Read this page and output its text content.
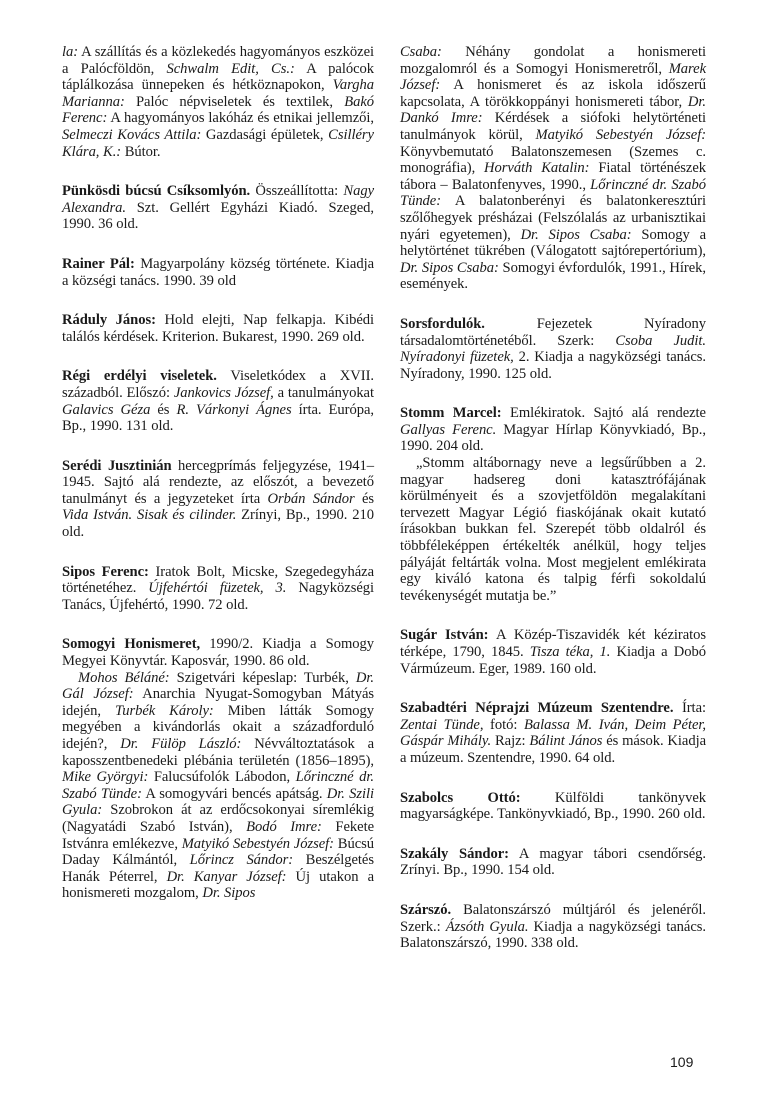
la: A szállítás és a közlekedés hagyományos eszközei a Palócföldön, Schwalm Edit, Cs.: A palócok táplálkozása ünnepeken és hétköznapokon, Vargha Marianna: Palóc népviseletek és textilek, Bakó Ferenc: A hagyományos lakóház és etnikai jellemzői, Selmeczi Kovács Attila: Gazdasági épületek, Csilléry Klára, K.: Bútor.

Pünkösdi búcsú Csíksomlyón. Összeállította: Nagy Alexandra. Szt. Gellért Egyházi Kiadó. Szeged, 1990. 36 old.

Rainer Pál: Magyarpolány község története. Kiadja a községi tanács. 1990. 39 old

Ráduly János: Hold elejti, Nap felkapja. Kibédi találós kérdések. Kriterion. Bukarest, 1990. 269 old.

Régi erdélyi viseletek. Viseletkódex a XVII. századból. Előszó: Jankovics József, a tanulmányokat Galavics Géza és R. Várkonyi Ágnes írta. Európa, Bp., 1990. 131 old.

Serédi Jusztinián hercegprímás feljegyzése, 1941–1945. Sajtó alá rendezte, az előszót, a bevezető tanulmányt és a jegyzeteket írta Orbán Sándor és Vida István. Sisak és cilinder. Zrínyi, Bp., 1990. 210 old.

Sipos Ferenc: Iratok Bolt, Micske, Szegedegyháza történetéhez. Újfehértói füzetek, 3. Nagyközségi Tanács, Újfehértó, 1990. 72 old.

Somogyi Honismeret, 1990/2. Kiadja a Somogy Megyei Könyvtár. Kaposvár, 1990. 86 old.
Mohos Béláné: Szigetvári képeslap: Turbék, Dr. Gál József: Anarchia Nyugat-Somogyban Mátyás idején, Turbék Károly: Miben látták Somogy megyében a kivándorlás okait a századforduló idején?, Dr. Fülöp László: Névváltoztatások a kaposszentbenedeki plébánia területén (1856–1895), Mike Györgyi: Falucsúfolók Lábodon, Lőrinczné dr. Szabó Tünde: A somogyvári bencés apátság. Dr. Szili Gyula: Szobrokon át az erdőcsokonyai síremlékig (Nagyatádi Szabó István), Bodó Imre: Fekete Istvánra emlékezve, Matyikó Sebestyén József: Búcsú Daday Kálmántól, Lőrincz Sándor: Beszélgetés Hanák Péterrel, Dr. Kanyar József: Új utakon a honismereti mozgalom, Dr. Sipos

Csaba: Néhány gondolat a honismereti mozgalomról és a Somogyi Honismeretről, Marek József: A honismeret és az iskola időszerű kapcsolata, A törökkoppányi honismereti tábor, Dr. Dankó Imre: Kérdések a siófoki helytörténeti tanulmányok körül, Matyikó Sebestyén József: Könyvbemutató Balatonszemesen (Szemes c. monográfia), Horváth Katalin: Fiatal történészek tábora – Balatonfenyves, 1990., Lőrinczné dr. Szabó Tünde: A balatonberényi és balatonkeresztúri szőlőhegyek présházai (Felszólalás az urbanisztikai nyári egyetemen), Dr. Sipos Csaba: Somogy a helytörténet tükrében (Válogatott sajtórepertórium), Dr. Sipos Csaba: Somogyi évfordulók, 1991., Hírek, események.

Sorsfordulók. Fejezetek Nyíradony társadalomtörténetéből. Szerk: Csoba Judit. Nyíradonyi füzetek, 2. Kiadja a nagyközségi tanács. Nyíradony, 1990. 125 old.

Stomm Marcel: Emlékiratok. Sajtó alá rendezte Gallyas Ferenc. Magyar Hírlap Könyvkiadó, Bp., 1990. 204 old.
„Stomm altábornagy neve a legsűrűbben a 2. magyar hadsereg doni katasztrófájának körülményeit és a szovjetföldön megalakítani tervezett Magyar Légió fiaskójának okait kutató írásokban bukkan fel. Szerepét több oldalról és többféleképpen értékelték anélkül, hogy teljes pályáját feltárták volna. Most megjelent emlékirata egy kiváló katona és talpig férfi sokoldalú tevékenységét mutatja be.”

Sugár István: A Közép-Tiszavidék két kéziratos térképe, 1790, 1845. Tisza téka, 1. Kiadja a Dobó Vármúzeum. Eger, 1989. 160 old.

Szabadtéri Néprajzi Múzeum Szentendre. Írta: Zentai Tünde, fotó: Balassa M. Iván, Deim Péter, Gáspár Mihály. Rajz: Bálint János és mások. Kiadja a múzeum. Szentendre, 1990. 64 old.

Szabolcs Ottó: Külföldi tankönyvek magyarságképe. Tankönyvkiadó, Bp., 1990. 260 old.

Szakály Sándor: A magyar tábori csendőrség. Zrínyi. Bp., 1990. 154 old.

Szárszó. Balatonszárszó múltjáról és jelenéről. Szerk.: Ázsóth Gyula. Kiadja a nagyközségi tanács. Balatonszárszó, 1990. 338 old.

109
